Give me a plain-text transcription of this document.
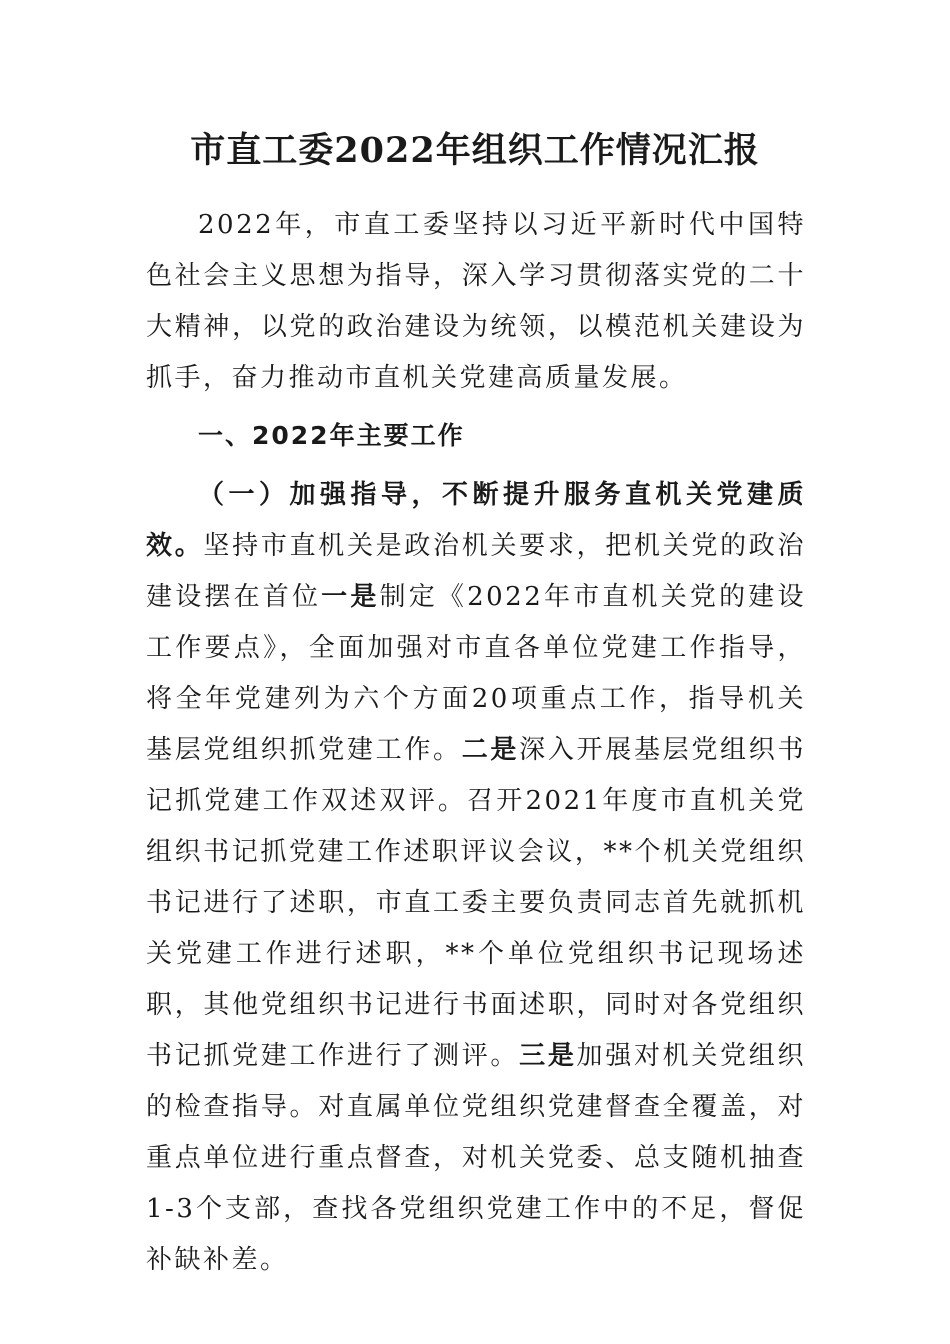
市直工委2022年组织工作情况汇报

2022年，市直工委坚持以习近平新时代中国特色社会主义思想为指导，深入学习贯彻落实党的二十大精神，以党的政治建设为统领，以模范机关建设为抓手，奋力推动市直机关党建高质量发展。

一、2022年主要工作

（一）加强指导，不断提升服务直机关党建质效。坚持市直机关是政治机关要求，把机关党的政治建设摆在首位一是制定《2022年市直机关党的建设工作要点》，全面加强对市直各单位党建工作指导，将全年党建列为六个方面20项重点工作，指导机关基层党组织抓党建工作。二是深入开展基层党组织书记抓党建工作双述双评。召开2021年度市直机关党组织书记抓党建工作述职评议会议，**个机关党组织书记进行了述职，市直工委主要负责同志首先就抓机关党建工作进行述职，**个单位党组织书记现场述职，其他党组织书记进行书面述职，同时对各党组织书记抓党建工作进行了测评。三是加强对机关党组织的检查指导。对直属单位党组织党建督查全覆盖，对重点单位进行重点督查，对机关党委、总支随机抽查1-3个支部，查找各党组织党建工作中的不足，督促补缺补差。
